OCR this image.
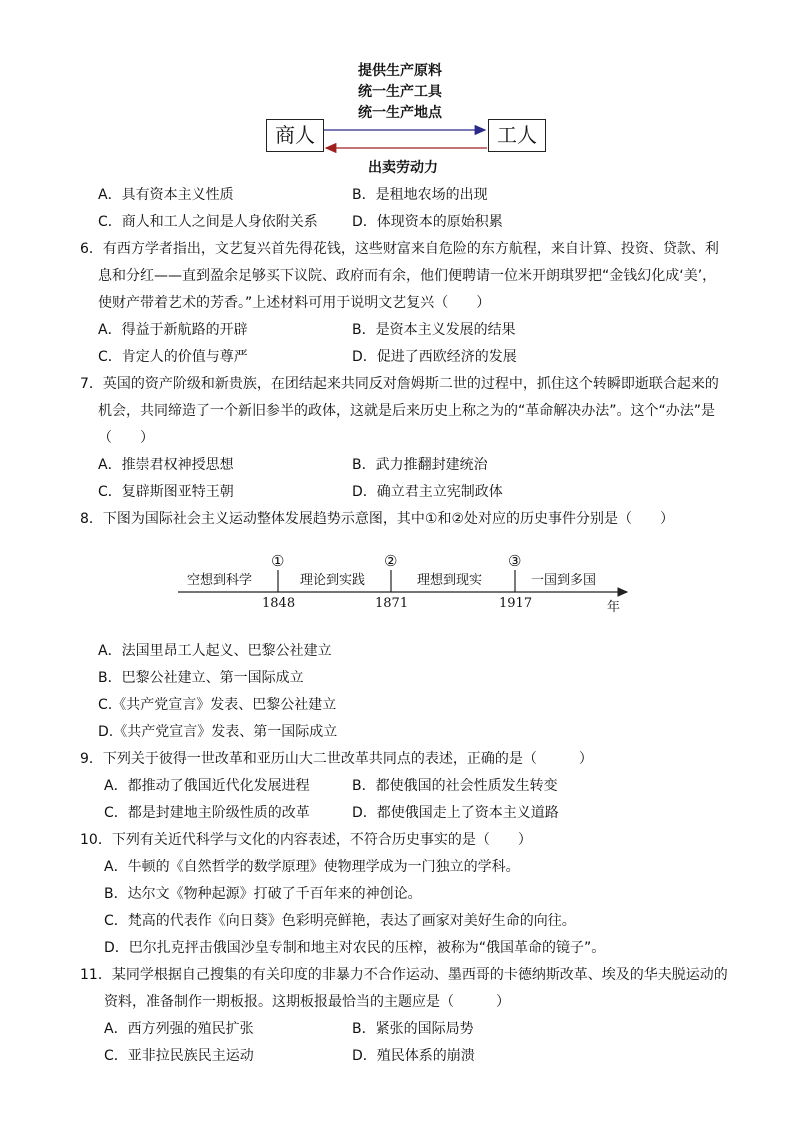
提供生产原料
统一生产工具
统一生产地点
商人	工人
出卖劳动力
A．具有资本主义性质	B．是租地农场的出现
C．商人和工人之间是人身依附关系 D．体现资本的原始积累
6．有西方学者指出，文艺复兴首先得花钱，这些财富来自危险的东方航程，来自计算、投资、贷款、利
息和分红——直到盈余足够买下议院、政府而有余，他们便聘请一位米开朗琪罗把“金钱幻化成‘美’，
使财产带着艺术的芳香。”上述材料可用于说明文艺复兴（　　）
A．得益于新航路的开辟	B．是资本主义发展的结果
C．肯定人的价值与尊严	D．促进了西欧经济的发展
7．英国的资产阶级和新贵族，在团结起来共同反对詹姆斯二世的过程中，抓住这个转瞬即逝联合起来的
机会，共同缔造了一个新旧参半的政体，这就是后来历史上称之为的“革命解决办法”。这个“办法”是
（　　）
A．推崇君权神授思想	B．武力推翻封建统治
C．复辟斯图亚特王朝	D．确立君主立宪制政体
8．下图为国际社会主义运动整体发展趋势示意图，其中①和②处对应的历史事件分别是（　　）
空想到科学	理论到实践	理想到现实	一国到多国
①	②	③
1848	1871	1917	年
A．法国里昂工人起义、巴黎公社建立
B．巴黎公社建立、第一国际成立
C.《共产党宣言》发表、巴黎公社建立
D.《共产党宣言》发表、第一国际成立
9．下列关于彼得一世改革和亚历山大二世改革共同点的表述，正确的是（　　　）
A．都推动了俄国近代化发展进程	B．都使俄国的社会性质发生转变
C．都是封建地主阶级性质的改革	D．都使俄国走上了资本主义道路
10．下列有关近代科学与文化的内容表述，不符合历史事实的是（　　）
A．牛顿的《自然哲学的数学原理》使物理学成为一门独立的学科。
B．达尔文《物种起源》打破了千百年来的神创论。
C．梵高的代表作《向日葵》色彩明亮鲜艳，表达了画家对美好生命的向往。
D．巴尔扎克抨击俄国沙皇专制和地主对农民的压榨，被称为“俄国革命的镜子”。
11．某同学根据自己搜集的有关印度的非暴力不合作运动、墨西哥的卡德纳斯改革、埃及的华夫脱运动的
资料，准备制作一期板报。这期板报最恰当的主题应是（　　　）
A．西方列强的殖民扩张	B．紧张的国际局势
C．亚非拉民族民主运动	D．殖民体系的崩溃
